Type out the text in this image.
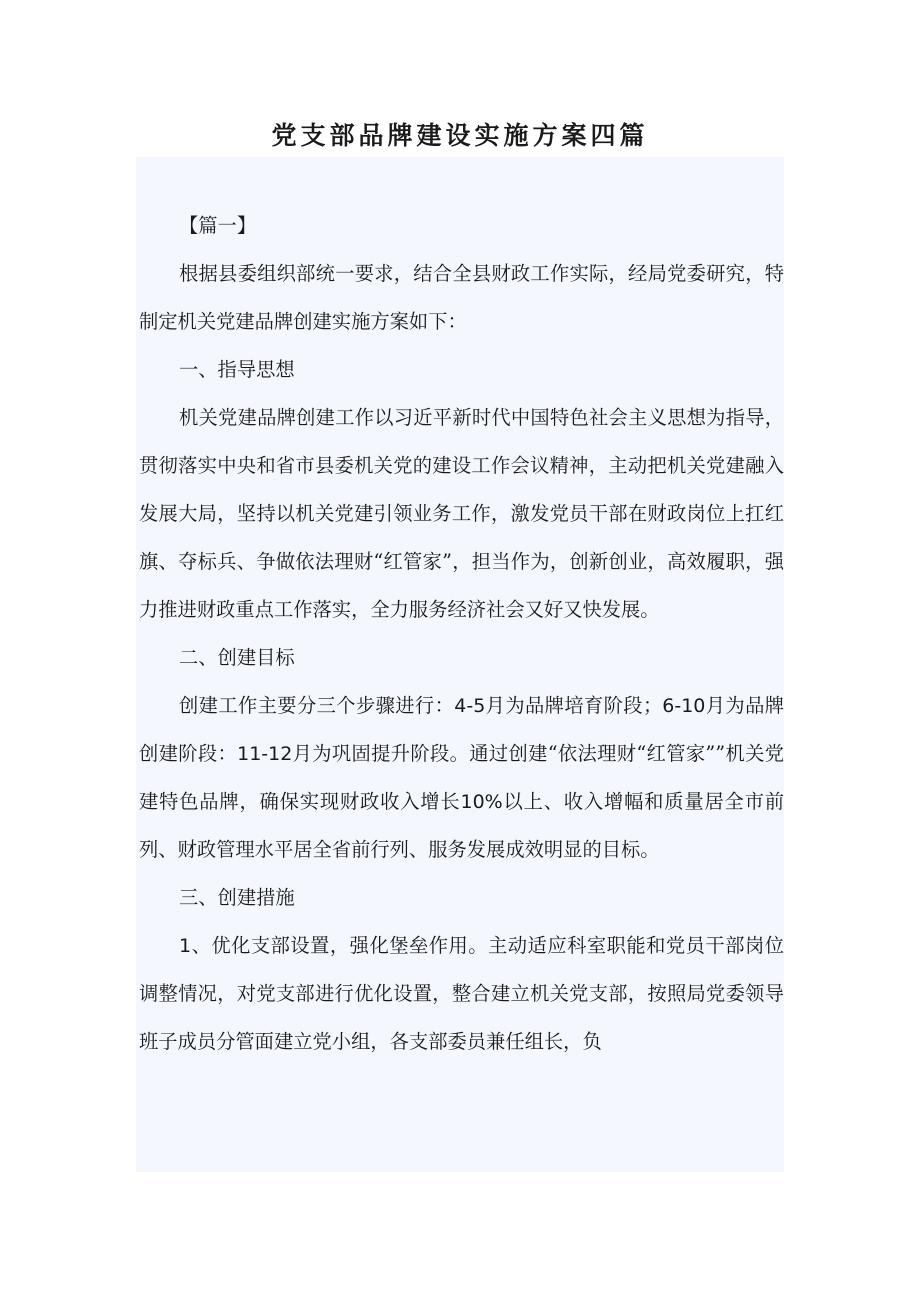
党支部品牌建设实施方案四篇

【篇一】

根据县委组织部统一要求，结合全县财政工作实际，经局党委研究，特制定机关党建品牌创建实施方案如下：

一、指导思想

机关党建品牌创建工作以习近平新时代中国特色社会主义思想为指导，贯彻落实中央和省市县委机关党的建设工作会议精神，主动把机关党建融入发展大局，坚持以机关党建引领业务工作，激发党员干部在财政岗位上扛红旗、夺标兵、争做依法理财“红管家”，担当作为，创新创业，高效履职，强力推进财政重点工作落实，全力服务经济社会又好又快发展。

二、创建目标

创建工作主要分三个步骤进行：4-5月为品牌培育阶段；6-10月为品牌创建阶段：11-12月为巩固提升阶段。通过创建“依法理财“红管家””机关党建特色品牌，确保实现财政收入增长10%以上、收入增幅和质量居全市前列、财政管理水平居全省前行列、服务发展成效明显的目标。

三、创建措施

1、优化支部设置，强化堡垒作用。主动适应科室职能和党员干部岗位调整情况，对党支部进行优化设置，整合建立机关党支部，按照局党委领导班子成员分管面建立党小组，各支部委员兼任组长，负
